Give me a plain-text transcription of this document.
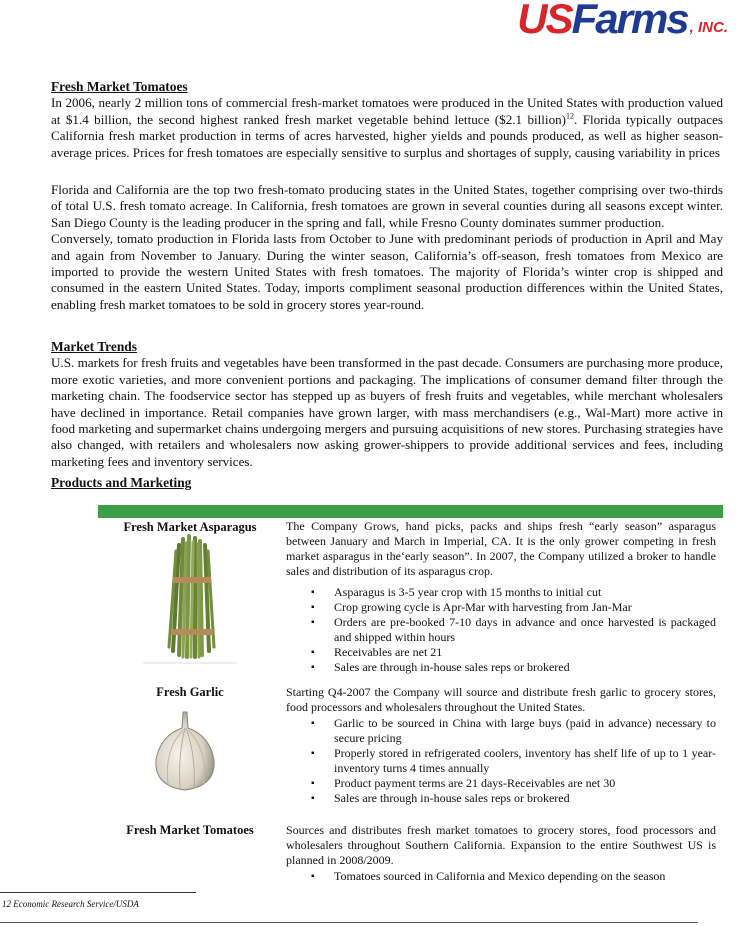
USFarms , INC.
Fresh Market Tomatoes

In 2006, nearly 2 million tons of commercial fresh-market tomatoes were produced in the United States with production valued at $1.4 billion, the second highest ranked fresh market vegetable behind lettuce ($2.1 billion)$^{12}$. Florida typically outpaces California fresh market production in terms of acres harvested, higher yields and pounds produced, as well as higher season-average prices. Prices for fresh tomatoes are especially sensitive to surplus and shortages of supply, causing variability in prices

Florida and California are the top two fresh-tomato producing states in the United States, together comprising over two-thirds of total U.S. fresh tomato acreage. In California, fresh tomatoes are grown in several counties during all seasons except winter. San Diego County is the leading producer in the spring and fall, while Fresno County dominates summer production.

Conversely, tomato production in Florida lasts from October to June with predominant periods of production in April and May and again from November to January. During the winter season, California’s off-season, fresh tomatoes from Mexico are imported to provide the western United States with fresh tomatoes. The majority of Florida’s winter crop is shipped and consumed in the eastern United States. Today, imports compliment seasonal production differences within the United States, enabling fresh market tomatoes to be sold in grocery stores year-round.

Market Trends

U.S. markets for fresh fruits and vegetables have been transformed in the past decade. Consumers are purchasing more produce, more exotic varieties, and more convenient portions and packaging. The implications of consumer demand filter through the marketing chain. The foodservice sector has stepped up as buyers of fresh fruits and vegetables, while merchant wholesalers have declined in importance. Retail companies have grown larger, with mass merchandisers (e.g., Wal-Mart) more active in food marketing and supermarket chains undergoing mergers and pursuing acquisitions of new stores. Purchasing strategies have also changed, with retailers and wholesalers now asking grower-shippers to provide additional services and fees, including marketing fees and inventory services.

Products and Marketing
Fresh Market Asparagus	The Company Grows, hand picks, packs and ships fresh “early season” asparagus between January and March in Imperial, CA. It is the only grower competing in fresh market asparagus in the‘early season”. In 2007, the Company utilized a broker to handle sales and distribution of its asparagus crop.

▪ Asparagus is 3-5 year crop with 15 months to initial cut
▪ Crop growing cycle is Apr-Mar with harvesting from Jan-Mar
▪ Orders are pre-booked 7-10 days in advance and once harvested is packaged and shipped within hours
▪ Receivables are net 21
▪ Sales are through in-house sales reps or brokered
Fresh Garlic	Starting Q4-2007 the Company will source and distribute fresh garlic to grocery stores, food processors and wholesalers throughout the United States.

▪ Garlic to be sourced in China with large buys (paid in advance) necessary to secure pricing
▪ Properly stored in refrigerated coolers, inventory has shelf life of up to 1 year- inventory turns 4 times annually
▪ Product payment terms are 21 days-Receivables are net 30
▪ Sales are through in-house sales reps or brokered
Fresh Market Tomatoes	Sources and distributes fresh market tomatoes to grocery stores, food processors and wholesalers throughout Southern California. Expansion to the entire Southwest US is planned in 2008/2009.

▪ Tomatoes sourced in California and Mexico depending on the season
12 Economic Research Service/USDA
